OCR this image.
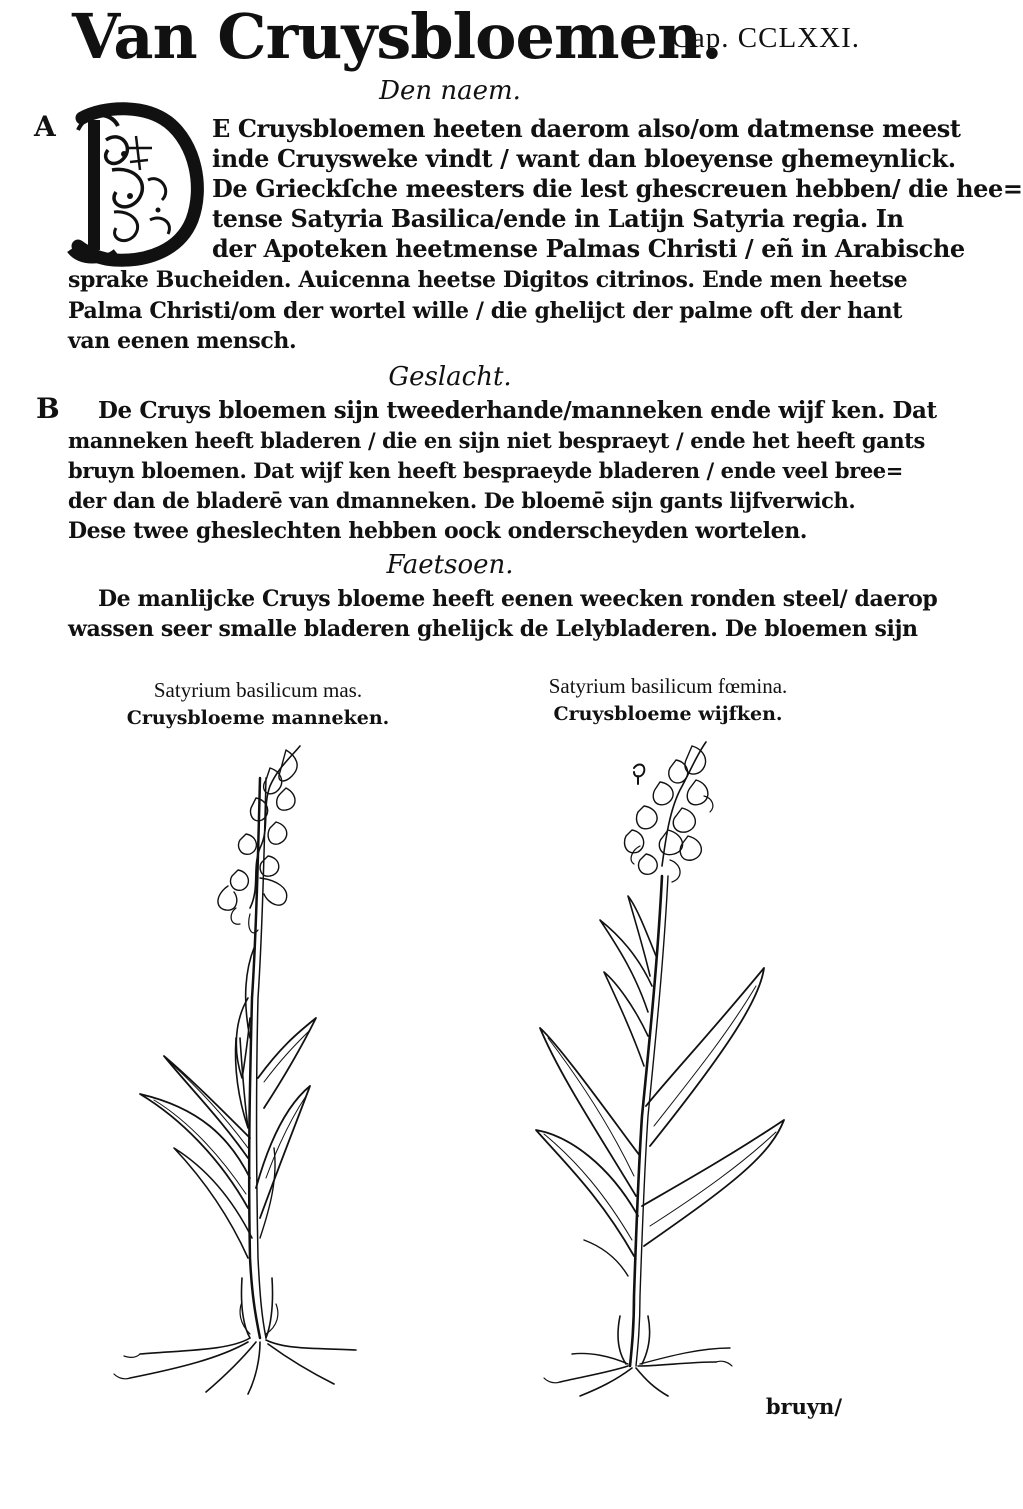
Van Cruysbloemen.
Cap. CCLXXI.
Den naem.
A	E Cruysbloemen heeten daerom also/om datmense meest
inde Cruysweke vindt / want dan bloeyense ghemeynlick.
De Grieckſche meesters die lest ghescreuen hebben/ die hee=
tense Satyria Basilica/ende in Latijn Satyria regia. In
der Apoteken heetmense Palmas Christi / eñ in Arabische
sprake Bucheiden. Auicenna heetse Digitos citrinos. Ende men heetse
Palma Christi/om der wortel wille / die ghelijct der palme oft der hant
van eenen mensch.
Geslacht.
B De Cruys bloemen sijn tweederhande/manneken ende wijf ken. Dat
manneken heeft bladeren / die en sijn niet bespraeyt / ende het heeft gants
bruyn bloemen. Dat wijf ken heeft bespraeyde bladeren / ende veel bree=
der dan de bladerē van dmanneken. De bloemē sijn gants lijfverwich.
Dese twee gheslechten hebben oock onderscheyden wortelen.
Faetsoen.
De manlijcke Cruys bloeme heeft eenen weecken ronden steel/ daerop
wassen seer smalle bladeren ghelijck de Lelybladeren. De bloemen sijn
Satyrium basilicum mas.
Cruysbloeme manneken.
Satyrium basilicum fœmina.
Cruysbloeme wijfken.
bruyn/
